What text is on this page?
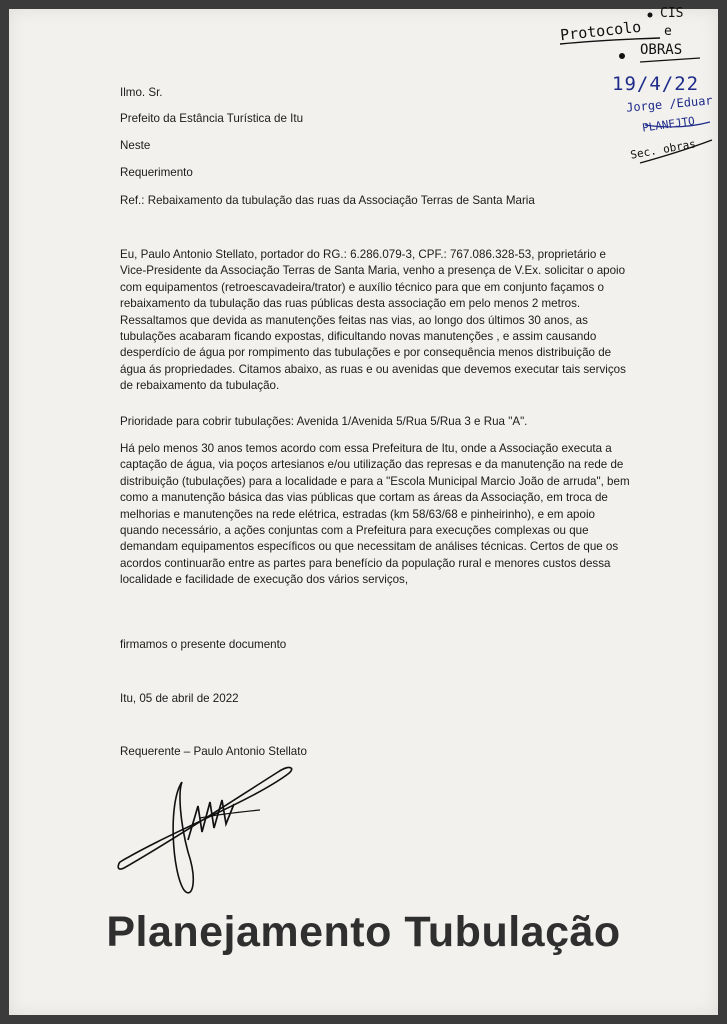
Protocolo

CIS

e

OBRAS

19/4/22

Jorge /Eduar

PLANEJTO

Sec. obras

Ilmo. Sr.

Prefeito da Estância Turística de Itu

Neste

Requerimento

Ref.: Rebaixamento da tubulação das ruas da Associação Terras de Santa Maria

Eu, Paulo Antonio Stellato, portador do RG.: 6.286.079-3, CPF.: 767.086.328-53, proprietário e Vice-Presidente da Associação Terras de Santa Maria, venho a presença de V.Ex. solicitar o apoio com equipamentos (retroescavadeira/trator) e auxílio técnico para que em conjunto façamos o rebaixamento da tubulação das ruas públicas desta associação em pelo menos 2 metros. Ressaltamos que devida as manutenções feitas nas vias, ao longo dos últimos 30 anos, as tubulações acabaram ficando expostas, dificultando novas manutenções , e assim causando desperdício de água por rompimento das tubulações e por consequência menos distribuição de água ás propriedades. Citamos abaixo, as ruas e ou avenidas que devemos executar tais serviços de rebaixamento da tubulação.

Prioridade para cobrir tubulações: Avenida 1/Avenida 5/Rua 5/Rua 3 e Rua "A".

Há pelo menos 30 anos temos acordo com essa Prefeitura de Itu, onde a Associação executa a captação de água, via poços artesianos e/ou utilização das represas e da manutenção na rede de distribuição (tubulações) para a localidade e para a "Escola Municipal Marcio João de arruda", bem como a manutenção básica das vias públicas que cortam as áreas da Associação, em troca de melhorias e manutenções na rede elétrica, estradas (km 58/63/68 e pinheirinho), e em apoio quando necessário, a ações conjuntas com a Prefeitura para execuções complexas ou que demandam equipamentos específicos ou que necessitam de análises técnicas. Certos de que os acordos continuarão entre as partes para benefício da população rural e menores custos dessa localidade e facilidade de execução dos vários serviços,

firmamos o presente documento

Itu, 05 de abril de 2022

Requerente – Paulo Antonio Stellato

Planejamento Tubulação
